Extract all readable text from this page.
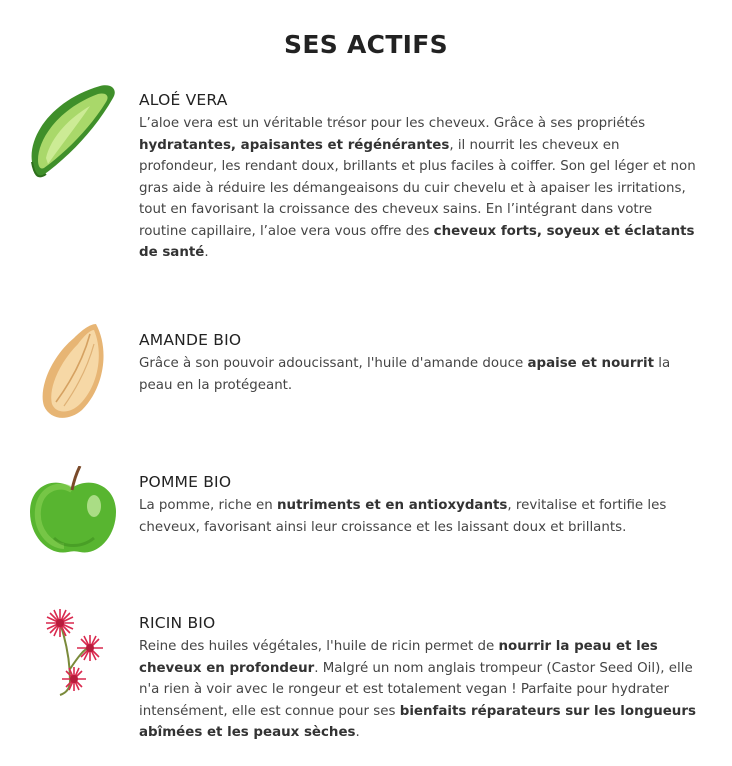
SES ACTIFS
ALOÉ VERA

L’aloe vera est un véritable trésor pour les cheveux. Grâce à ses propriétés hydratantes, apaisantes et régénérantes, il nourrit les cheveux en profondeur, les rendant doux, brillants et plus faciles à coiffer. Son gel léger et non gras aide à réduire les démangeaisons du cuir chevelu et à apaiser les irritations, tout en favorisant la croissance des cheveux sains. En l’intégrant dans votre routine capillaire, l’aloe vera vous offre des cheveux forts, soyeux et éclatants de santé.

AMANDE BIO

Grâce à son pouvoir adoucissant, l'huile d'amande douce apaise et nourrit la peau en la protégeant.

POMME BIO

La pomme, riche en nutriments et en antioxydants, revitalise et fortifie les cheveux, favorisant ainsi leur croissance et les laissant doux et brillants.

RICIN BIO

Reine des huiles végétales, l'huile de ricin permet de nourrir la peau et les cheveux en profondeur. Malgré un nom anglais trompeur (Castor Seed Oil), elle n'a rien à voir avec le rongeur et est totalement vegan ! Parfaite pour hydrater intensément, elle est connue pour ses bienfaits réparateurs sur les longueurs abîmées et les peaux sèches.
